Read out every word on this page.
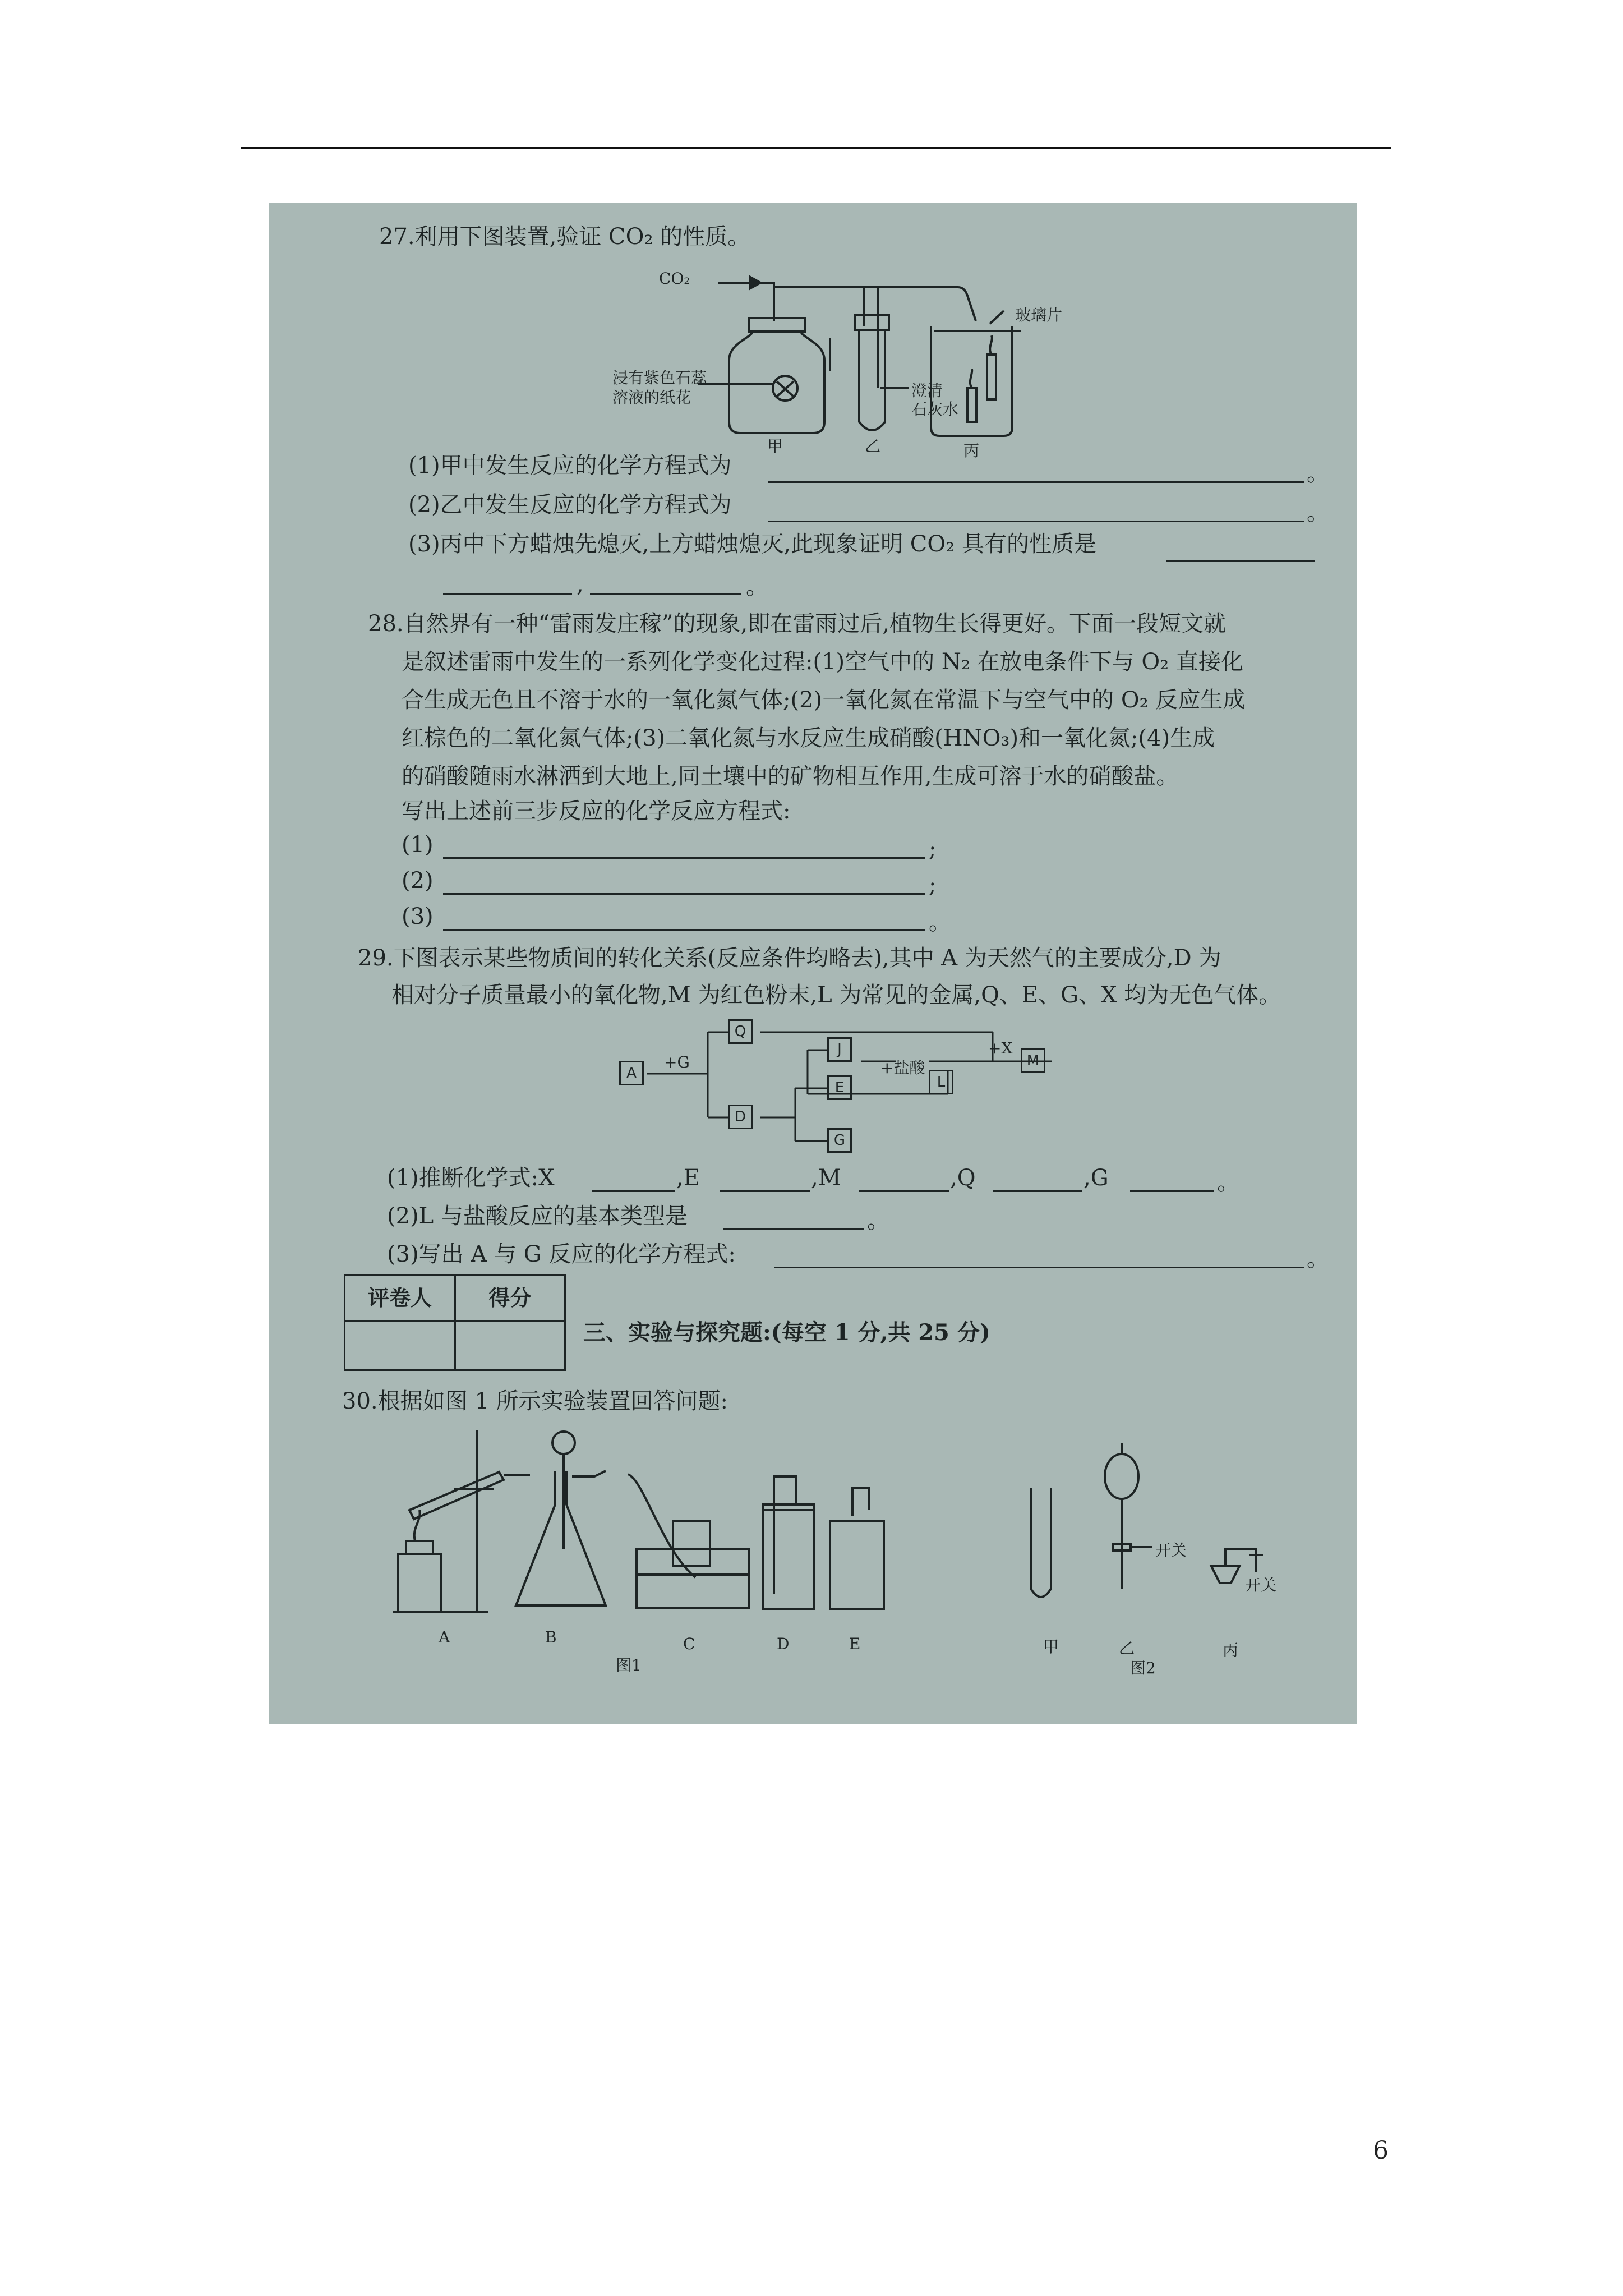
27.利用下图装置,验证 CO₂ 的性质。
CO₂
玻璃片
浸有紫色石蕊
溶液的纸花	澄清
石灰水
甲	乙	丙
(1)甲中发生反应的化学方程式为	。
(2)乙中发生反应的化学方程式为	。
(3)丙中下方蜡烛先熄灭,上方蜡烛熄灭,此现象证明 CO₂ 具有的性质是
,	。
28.自然界有一种“雷雨发庄稼”的现象,即在雷雨过后,植物生长得更好。下面一段短文就
是叙述雷雨中发生的一系列化学变化过程:(1)空气中的 N₂ 在放电条件下与 O₂ 直接化
合生成无色且不溶于水的一氧化氮气体;(2)一氧化氮在常温下与空气中的 O₂ 反应生成
红棕色的二氧化氮气体;(3)二氧化氮与水反应生成硝酸(HNO₃)和一氧化氮;(4)生成
的硝酸随雨水淋洒到大地上,同土壤中的矿物相互作用,生成可溶于水的硝酸盐。
写出上述前三步反应的化学反应方程式:
(1)	;
(2)	;
(3)	。
29.下图表示某些物质间的转化关系(反应条件均略去),其中 A 为天然气的主要成分,D 为
相对分子质量最小的氧化物,M 为红色粉末,L 为常见的金属,Q、E、G、X 均为无色气体。
A
+G
Q
D
J
E
G
+盐酸
L
+X
M
(1)推断化学式:X	,E	,M	,Q	,G	。
(2)L 与盐酸反应的基本类型是	。
(3)写出 A 与 G 反应的化学方程式:	。
评卷人	得分
三、实验与探究题:(每空 1 分,共 25 分)
30.根据如图 1 所示实验装置回答问题:
A	B	C	D	E
图1
甲	乙	丙
开关
开关
图2
6
